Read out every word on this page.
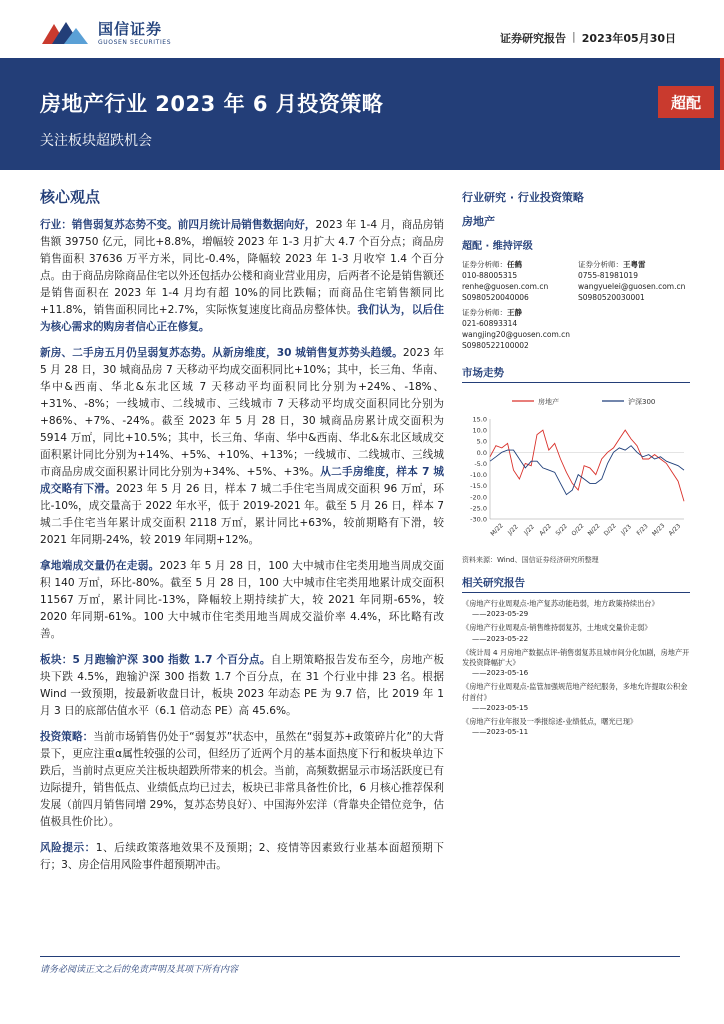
国信证券
GUOSEN SECURITIES	证券研究报告 | 2023年05月30日
房地产行业 2023 年 6 月投资策略
关注板块超跌机会
超配
核心观点

行业：销售弱复苏态势不变。前四月统计局销售数据向好，2023 年 1-4 月，商品房销售额 39750 亿元，同比+8.8%，增幅较 2023 年 1-3 月扩大 4.7 个百分点；商品房销售面积 37636 万平方米，同比-0.4%，降幅较 2023 年 1-3 月收窄 1.4 个百分点。由于商品房除商品住宅以外还包括办公楼和商业营业用房，后两者不论是销售额还是销售面积在 2023 年 1-4 月均有超 10%的同比跌幅；而商品住宅销售额同比+11.8%，销售面积同比+2.7%，实际恢复速度比商品房整体快。我们认为，以后住为核心需求的购房者信心正在修复。

新房、二手房五月仍呈弱复苏态势。从新房维度，30 城销售复苏势头趋缓。2023 年 5 月 28 日，30 城商品房 7 天移动平均成交面积同比+10%；其中，长三角、华南、华中&西南、华北&东北区域 7 天移动平均面积同比分别为+24%、-18%、+31%、-8%；一线城市、二线城市、三线城市 7 天移动平均成交面积同比分别为+86%、+7%、-24%。截至 2023 年 5 月 28 日，30 城商品房累计成交面积为 5914 万㎡，同比+10.5%；其中，长三角、华南、华中&西南、华北&东北区域成交面积累计同比分别为+14%、+5%、+10%、+13%；一线城市、二线城市、三线城市商品房成交面积累计同比分别为+34%、+5%、+3%。从二手房维度，样本 7 城成交略有下滑。2023 年 5 月 26 日，样本 7 城二手住宅当周成交面积 96 万㎡，环比-10%，成交量高于 2022 年水平，低于 2019-2021 年。截至 5 月 26 日，样本 7 城二手住宅当年累计成交面积 2118 万㎡，累计同比+63%，较前期略有下滑，较 2021 年同期-24%，较 2019 年同期+12%。

拿地端成交量仍在走弱。2023 年 5 月 28 日，100 大中城市住宅类用地当周成交面积 140 万㎡，环比-80%。截至 5 月 28 日，100 大中城市住宅类用地累计成交面积 11567 万㎡，累计同比-13%，降幅较上期持续扩大，较 2021 年同期-65%，较 2020 年同期-61%。100 大中城市住宅类用地当周成交溢价率 4.4%，环比略有改善。

板块：5 月跑输沪深 300 指数 1.7 个百分点。自上期策略报告发布至今，房地产板块下跌 4.5%，跑输沪深 300 指数 1.7 个百分点，在 31 个行业中排 23 名。根据 Wind 一致预期，按最新收盘日计，板块 2023 年动态 PE 为 9.7 倍，比 2019 年 1 月 3 日的底部估值水平（6.1 倍动态 PE）高 45.6%。

投资策略：当前市场销售仍处于“弱复苏”状态中，虽然在“弱复苏+政策碎片化”的大背景下，更应注重α属性较强的公司，但经历了近两个月的基本面热度下行和板块单边下跌后，当前时点更应关注板块超跌所带来的机会。当前，高频数据显示市场活跃度已有边际提升，销售低点、业绩低点均已过去，板块已非常具备性价比，6 月核心推荐保利发展（前四月销售同增 29%，复苏态势良好）、中国海外宏洋（背靠央企错位竞争，估值极具性价比）。

风险提示：1、后续政策落地效果不及预期；2、疫情等因素致行业基本面超预期下行；3、房企信用风险事件超预期冲击。

行业研究 · 行业投资策略
房地产
超配 · 维持评级
证券分析师：任鹤
010-88005315
renhe@guosen.com.cn
S0980520040006
证券分析师：王粤雷
0755-81981019
wangyuelei@guosen.com.cn
S0980520030001
证券分析师：王静
021-60893314
wangjing20@guosen.com.cn
S0980522100002
市场走势
房地产	沪深300
15.0
10.0
5.0
0.0
-5.0
-10.0
-15.0
-20.0
-25.0
-30.0
M/22 J/22 J/22 A/22 S/22 O/22 N/22 D/22 J/23 F/23 M/23 A/23
资料来源：Wind、国信证券经济研究所整理
相关研究报告
《房地产行业周观点-地产复苏动能趋弱，地方政策持续出台》
——2023-05-29
《房地产行业周观点-销售维持弱复苏，土地成交量价走弱》
——2023-05-22
《统计局 4 月房地产数据点评-销售弱复苏且城市间分化加剧，房地产开发投资降幅扩大》
——2023-05-16
《房地产行业周观点-监管加强规范地产经纪服务，多地允许提取公积金付首付》
——2023-05-15
《房地产行业年报及一季报综述-业绩低点，曙光已现》
——2023-05-11
请务必阅读正文之后的免责声明及其项下所有内容
